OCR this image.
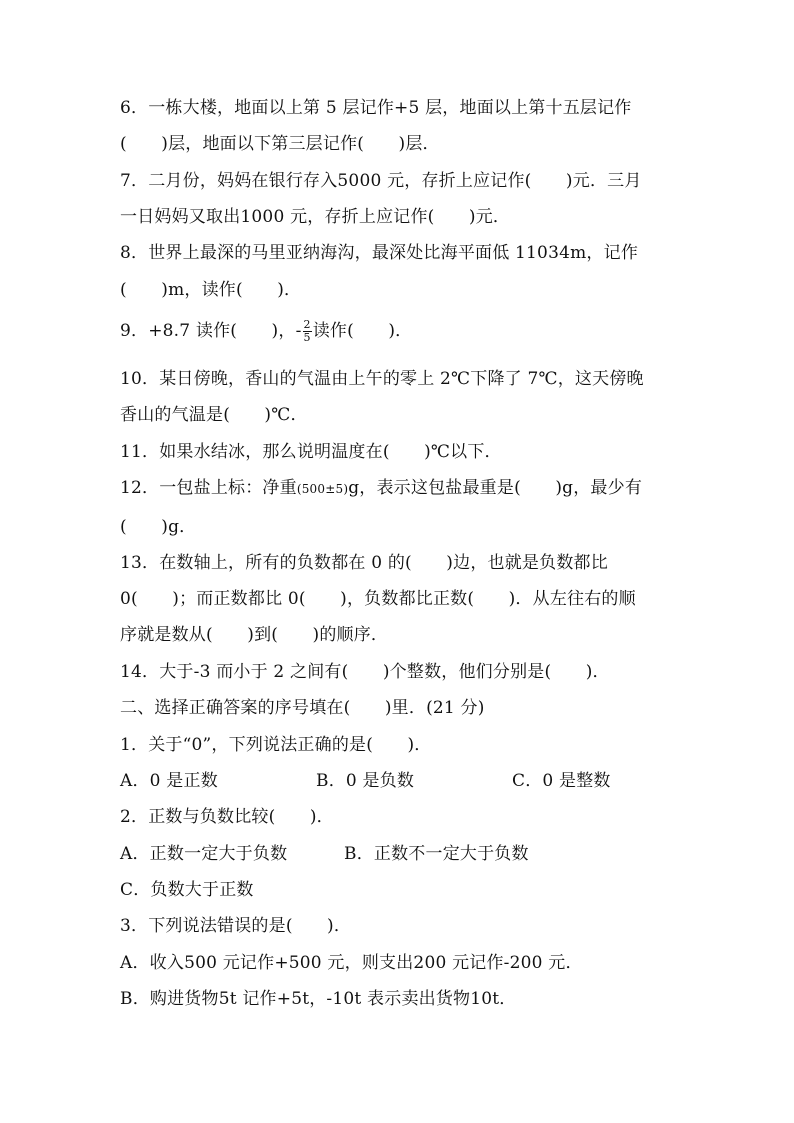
6．一栋大楼，地面以上第 5 层记作+5 层，地面以上第十五层记作
(　　)层，地面以下第三层记作(　　)层．
7．二月份，妈妈在银行存入5000 元，存折上应记作(　　)元．三月
一日妈妈又取出1000 元，存折上应记作(　　)元．
8．世界上最深的马里亚纳海沟，最深处比海平面低 11034m，记作
(　　)m，读作(　　)．
9．+8.7 读作(　　)，- $\frac{2}{5}$ 读作(　　)．
10．某日傍晚，香山的气温由上午的零上 2℃下降了 7℃，这天傍晚
香山的气温是(　　)℃．
11．如果水结冰，那么说明温度在(　　)℃以下．
12．一包盐上标：净重(500±5)g，表示这包盐最重是(　　)g，最少有
(　　)g．
13．在数轴上，所有的负数都在 0 的(　　)边，也就是负数都比
0(　　)；而正数都比 0(　　)，负数都比正数(　　)．从左往右的顺
序就是数从(　　)到(　　)的顺序．
14．大于-3 而小于 2 之间有(　　)个整数，他们分别是(　　)．
二、选择正确答案的序号填在(　　)里．(21 分)
1．关于“0”，下列说法正确的是(　　)．
A．0 是正数	B．0 是负数	C．0 是整数
2．正数与负数比较(　　)．
A．正数一定大于负数	B．正数不一定大于负数
C．负数大于正数
3．下列说法错误的是(　　)．
A．收入500 元记作+500 元，则支出200 元记作-200 元．
B．购进货物5t 记作+5t，-10t 表示卖出货物10t．
